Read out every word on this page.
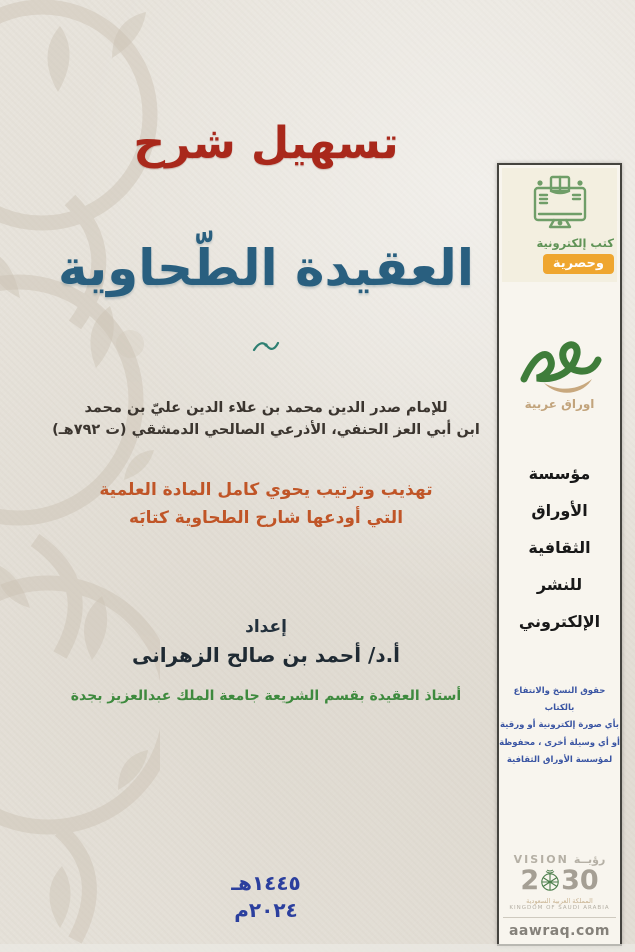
تسهيل شرح
العقيدة الطّحاوية
للإمام صدر الدين محمد بن علاء الدين عليّ بن محمد
ابن أبي العز الحنفي، الأذرعي الصالحي الدمشقي (ت ٧٩٢هـ)
تهذيب وترتيب يحوي كامل المادة العلمية
التي أودعها شارح الطحاوية كتابَه
إعداد
أ.د/ أحمد بن صالح الزهرانى
أستاذ العقيدة بقسم الشريعة جامعة الملك عبدالعزيز بجدة
١٤٤٥هـ
٢٠٢٤م
كتب إلكترونية
وحصرية
اوراق عربية
مؤسسة
الأوراق
الثقافية
للنشر
الإلكتروني
حقوق النسخ والانتفاع بالكتاب
بأي صورة إلكترونية أو ورقية
أو أي وسيلة أخرى ، محفوظة
لمؤسسة الأوراق الثقافية
VISION رؤيــة
2 30
المملكة العربية السعودية
KINGDOM OF SAUDI ARABIA
aawraq.com
